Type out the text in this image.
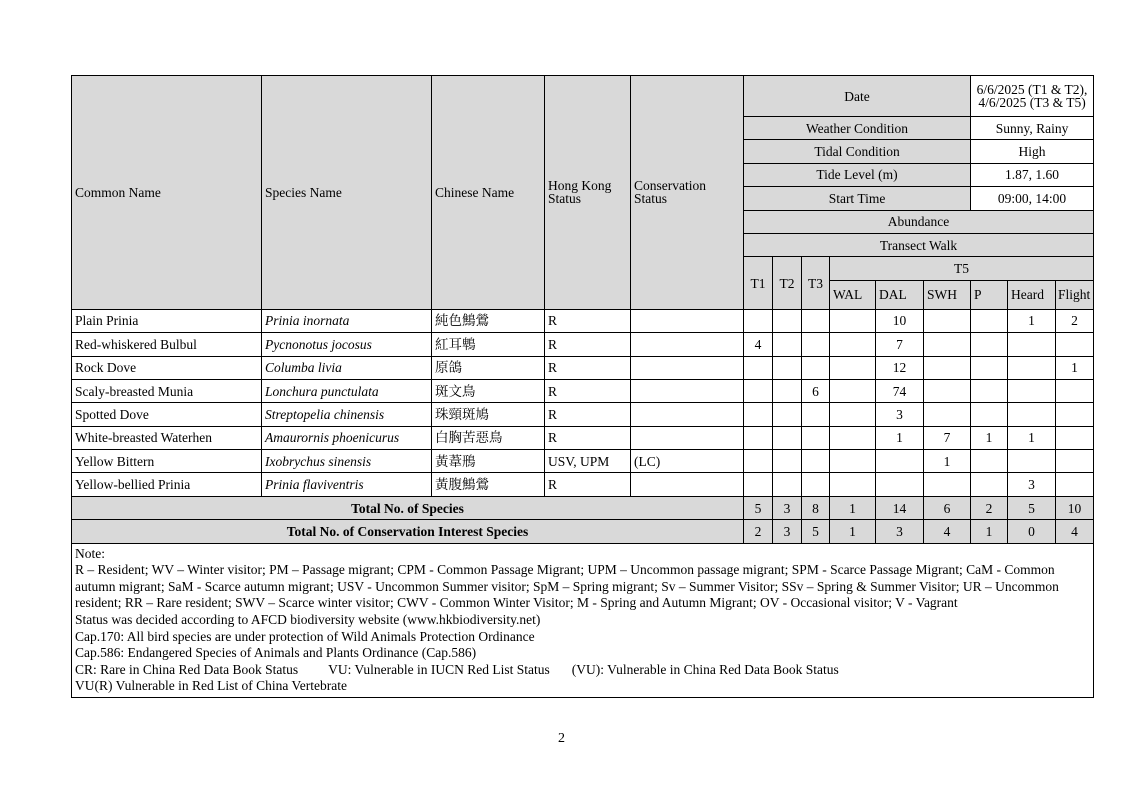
Common Name	Species Name	Chinese Name	Hong Kong Status	Conservation Status	Date						6/6/2025 (T1 & T2),
4/6/2025 (T3 & T5)		
					Weather Condition						Sunny, Rainy		
					Tidal Condition						High		
					Tide Level (m)						1.87, 1.60		
					Start Time						09:00, 14:00		
					Abundance								
					Transect Walk								
					T1	T2	T3	T5					
								WAL	DAL	SWH	P	Heard	Flight

Plain Prinia	Prinia inornata	純色鷦鶯	R						10			1	2
Red-whiskered Bulbul	Pycnonotus jocosus	紅耳鵯	R		4				7				
Rock Dove	Columba livia	原鴿	R						12				1
Scaly-breasted Munia	Lonchura punctulata	斑文鳥	R				6		74				
Spotted Dove	Streptopelia chinensis	珠頸斑鳩	R						3				
White-breasted Waterhen	Amaurornis phoenicurus	白胸苦惡鳥	R						1	7	1	1	
Yellow Bittern	Ixobrychus sinensis	黃葦鳽	USV, UPM	(LC)						1			
Yellow-bellied Prinia	Prinia flaviventris	黃腹鷦鶯	R									3	
Total No. of Species					5	3	8	1	14	6	2	5	10
Total No. of Conservation Interest Species					2	3	5	1	3	4	1	0	4
Note:
R – Resident; WV – Winter visitor; PM – Passage migrant; CPM - Common Passage Migrant; UPM – Uncommon passage migrant; SPM - Scarce Passage Migrant; CaM - Common autumn migrant; SaM - Scarce autumn migrant; USV - Uncommon Summer visitor; SpM – Spring migrant; Sv – Summer Visitor; SSv – Spring & Summer Visitor; UR – Uncommon resident; RR – Rare resident; SWV – Scarce winter visitor; CWV - Common Winter Visitor; M - Spring and Autumn Migrant; OV - Occasional visitor; V - Vagrant
Status was decided according to AFCD biodiversity website (www.hkbiodiversity.net)
Cap.170: All bird species are under protection of Wild Animals Protection Ordinance
Cap.586: Endangered Species of Animals and Plants Ordinance (Cap.586)
CR: Rare in China Red Data Book Status VU: Vulnerable in IUCN Red List Status (VU): Vulnerable in China Red Data Book Status
VU(R) Vulnerable in Red List of China Vertebrate
2
